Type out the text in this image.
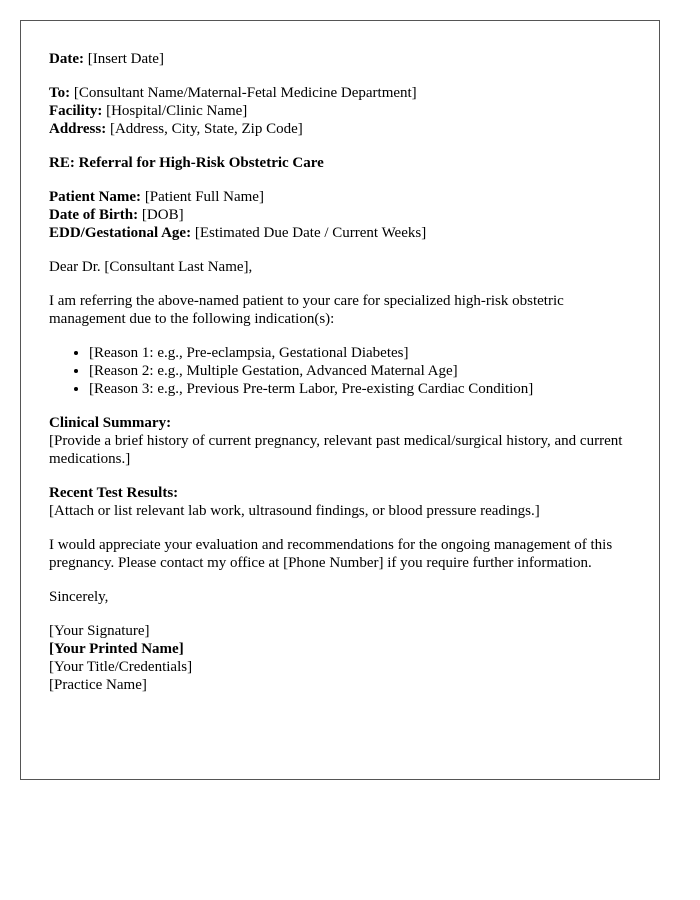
Date: [Insert Date]

To: [Consultant Name/Maternal-Fetal Medicine Department]
Facility: [Hospital/Clinic Name]
Address: [Address, City, State, Zip Code]

RE: Referral for High-Risk Obstetric Care

Patient Name: [Patient Full Name]
Date of Birth: [DOB]
EDD/Gestational Age: [Estimated Due Date / Current Weeks]

Dear Dr. [Consultant Last Name],

I am referring the above-named patient to your care for specialized high-risk obstetric management due to the following indication(s):

• [Reason 1: e.g., Pre-eclampsia, Gestational Diabetes]
• [Reason 2: e.g., Multiple Gestation, Advanced Maternal Age]
• [Reason 3: e.g., Previous Pre-term Labor, Pre-existing Cardiac Condition]
Clinical Summary:
[Provide a brief history of current pregnancy, relevant past medical/surgical history, and current medications.]
Recent Test Results:
[Attach or list relevant lab work, ultrasound findings, or blood pressure readings.]

I would appreciate your evaluation and recommendations for the ongoing management of this pregnancy. Please contact my office at [Phone Number] if you require further information.

Sincerely,

[Your Signature]
[Your Printed Name]
[Your Title/Credentials]
[Practice Name]
